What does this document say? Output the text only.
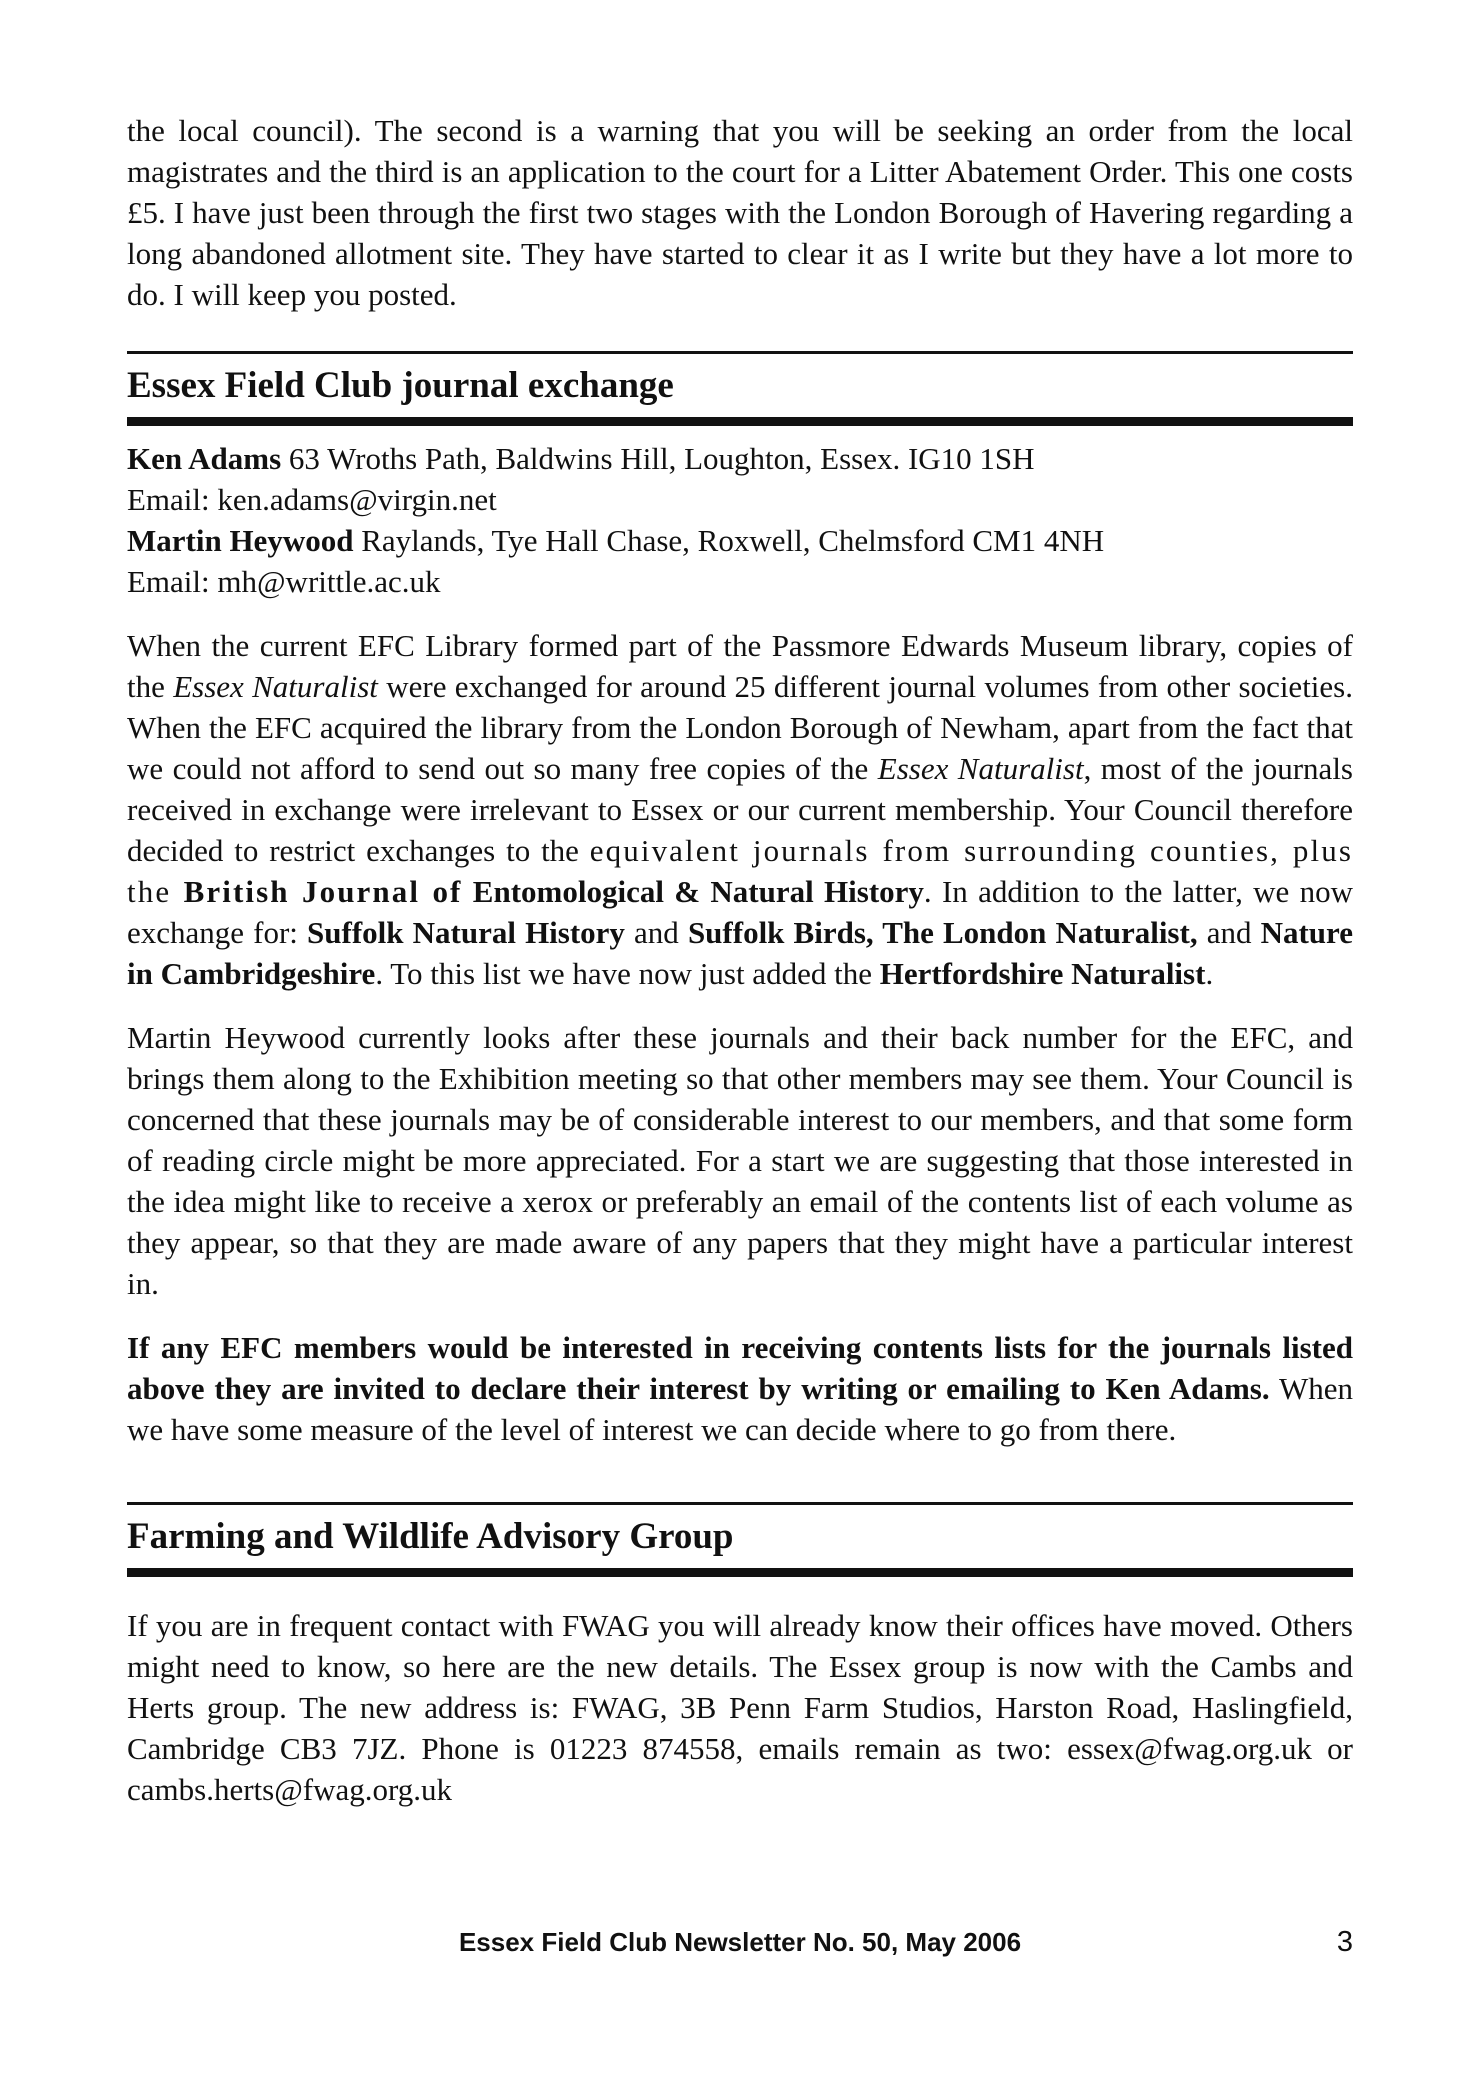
the local council). The second is a warning that you will be seeking an order from the local magistrates and the third is an application to the court for a Litter Abatement Order. This one costs £5. I have just been through the first two stages with the London Borough of Havering regarding a long abandoned allotment site. They have started to clear it as I write but they have a lot more to do. I will keep you posted.

Essex Field Club journal exchange

Ken Adams 63 Wroths Path, Baldwins Hill, Loughton, Essex. IG10 1SH

Email: ken.adams@virgin.net

Martin Heywood Raylands, Tye Hall Chase, Roxwell, Chelmsford CM1 4NH

Email: mh@writtle.ac.uk

When the current EFC Library formed part of the Passmore Edwards Museum library, copies of the Essex Naturalist were exchanged for around 25 different journal volumes from other societies. When the EFC acquired the library from the London Borough of Newham, apart from the fact that we could not afford to send out so many free copies of the Essex Naturalist, most of the journals received in exchange were irrelevant to Essex or our current membership. Your Council therefore decided to restrict exchanges to the equivalent journals from surrounding counties, plus the British Journal of Entomological & Natural History. In addition to the latter, we now exchange for: Suffolk Natural History and Suffolk Birds, The London Naturalist, and Nature in Cambridgeshire. To this list we have now just added the Hertfordshire Naturalist.

Martin Heywood currently looks after these journals and their back number for the EFC, and brings them along to the Exhibition meeting so that other members may see them. Your Council is concerned that these journals may be of considerable interest to our members, and that some form of reading circle might be more appreciated. For a start we are suggesting that those interested in the idea might like to receive a xerox or preferably an email of the contents list of each volume as they appear, so that they are made aware of any papers that they might have a particular interest in.

If any EFC members would be interested in receiving contents lists for the journals listed above they are invited to declare their interest by writing or emailing to Ken Adams. When we have some measure of the level of interest we can decide where to go from there.

Farming and Wildlife Advisory Group

If you are in frequent contact with FWAG you will already know their offices have moved. Others might need to know, so here are the new details. The Essex group is now with the Cambs and Herts group. The new address is: FWAG, 3B Penn Farm Studios, Harston Road, Haslingfield, Cambridge CB3 7JZ. Phone is 01223 874558, emails remain as two: essex@fwag.org.uk or cambs.herts@fwag.org.uk

Essex Field Club Newsletter No. 50, May 2006	3
